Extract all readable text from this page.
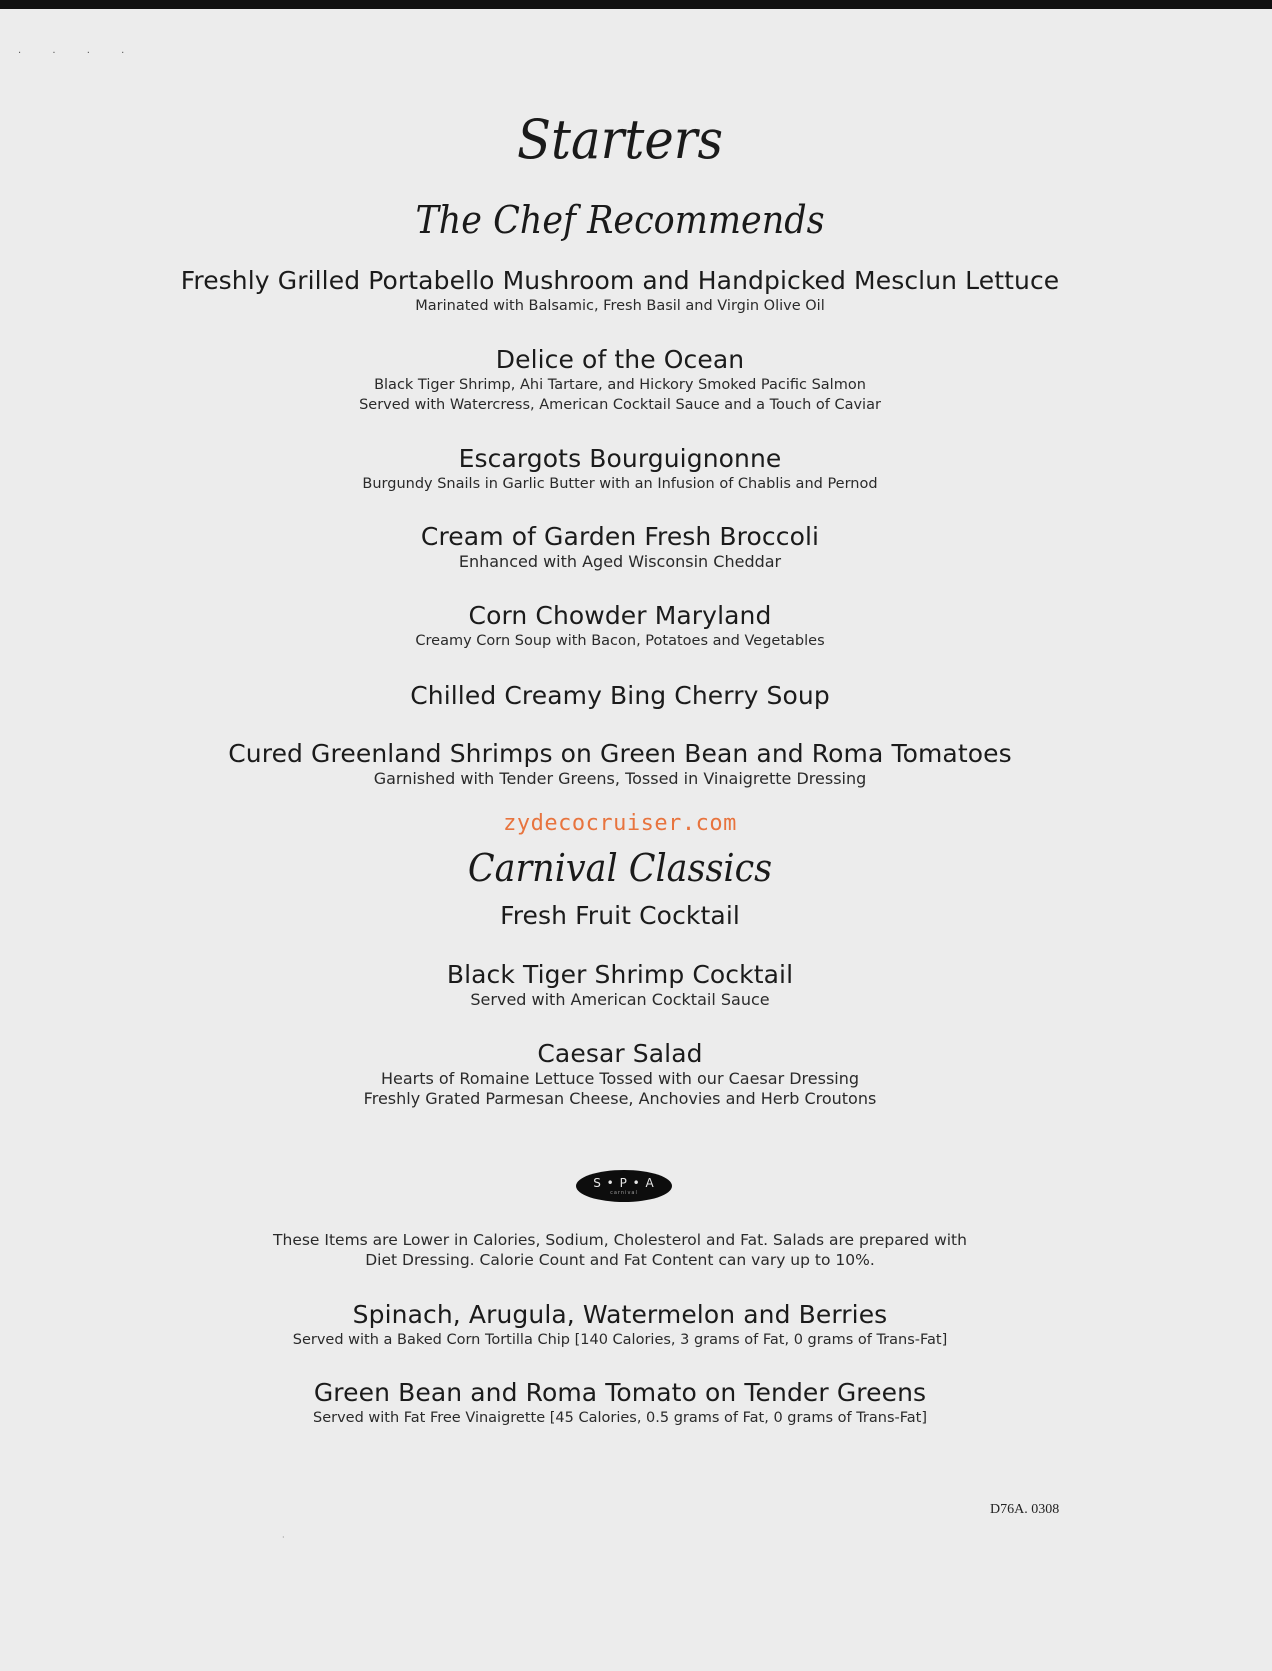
· · · ·
Starters
The Chef Recommends
Freshly Grilled Portabello Mushroom and Handpicked Mesclun Lettuce
Marinated with Balsamic, Fresh Basil and Virgin Olive Oil
Delice of the Ocean
Black Tiger Shrimp, Ahi Tartare, and Hickory Smoked Pacific Salmon
Served with Watercress, American Cocktail Sauce and a Touch of Caviar
Escargots Bourguignonne
Burgundy Snails in Garlic Butter with an Infusion of Chablis and Pernod
Cream of Garden Fresh Broccoli
Enhanced with Aged Wisconsin Cheddar
Corn Chowder Maryland
Creamy Corn Soup with Bacon, Potatoes and Vegetables
Chilled Creamy Bing Cherry Soup
Cured Greenland Shrimps on Green Bean and Roma Tomatoes
Garnished with Tender Greens, Tossed in Vinaigrette Dressing
zydecocruiser.com
Carnival Classics
Fresh Fruit Cocktail
Black Tiger Shrimp Cocktail
Served with American Cocktail Sauce
Caesar Salad
Hearts of Romaine Lettuce Tossed with our Caesar Dressing
Freshly Grated Parmesan Cheese, Anchovies and Herb Croutons
S • P • A
carnival
These Items are Lower in Calories, Sodium, Cholesterol and Fat. Salads are prepared with
Diet Dressing. Calorie Count and Fat Content can vary up to 10%.
Spinach, Arugula, Watermelon and Berries
Served with a Baked Corn Tortilla Chip [140 Calories, 3 grams of Fat, 0 grams of Trans-Fat]
Green Bean and Roma Tomato on Tender Greens
Served with Fat Free Vinaigrette [45 Calories, 0.5 grams of Fat, 0 grams of Trans-Fat]
D76A. 0308
·
